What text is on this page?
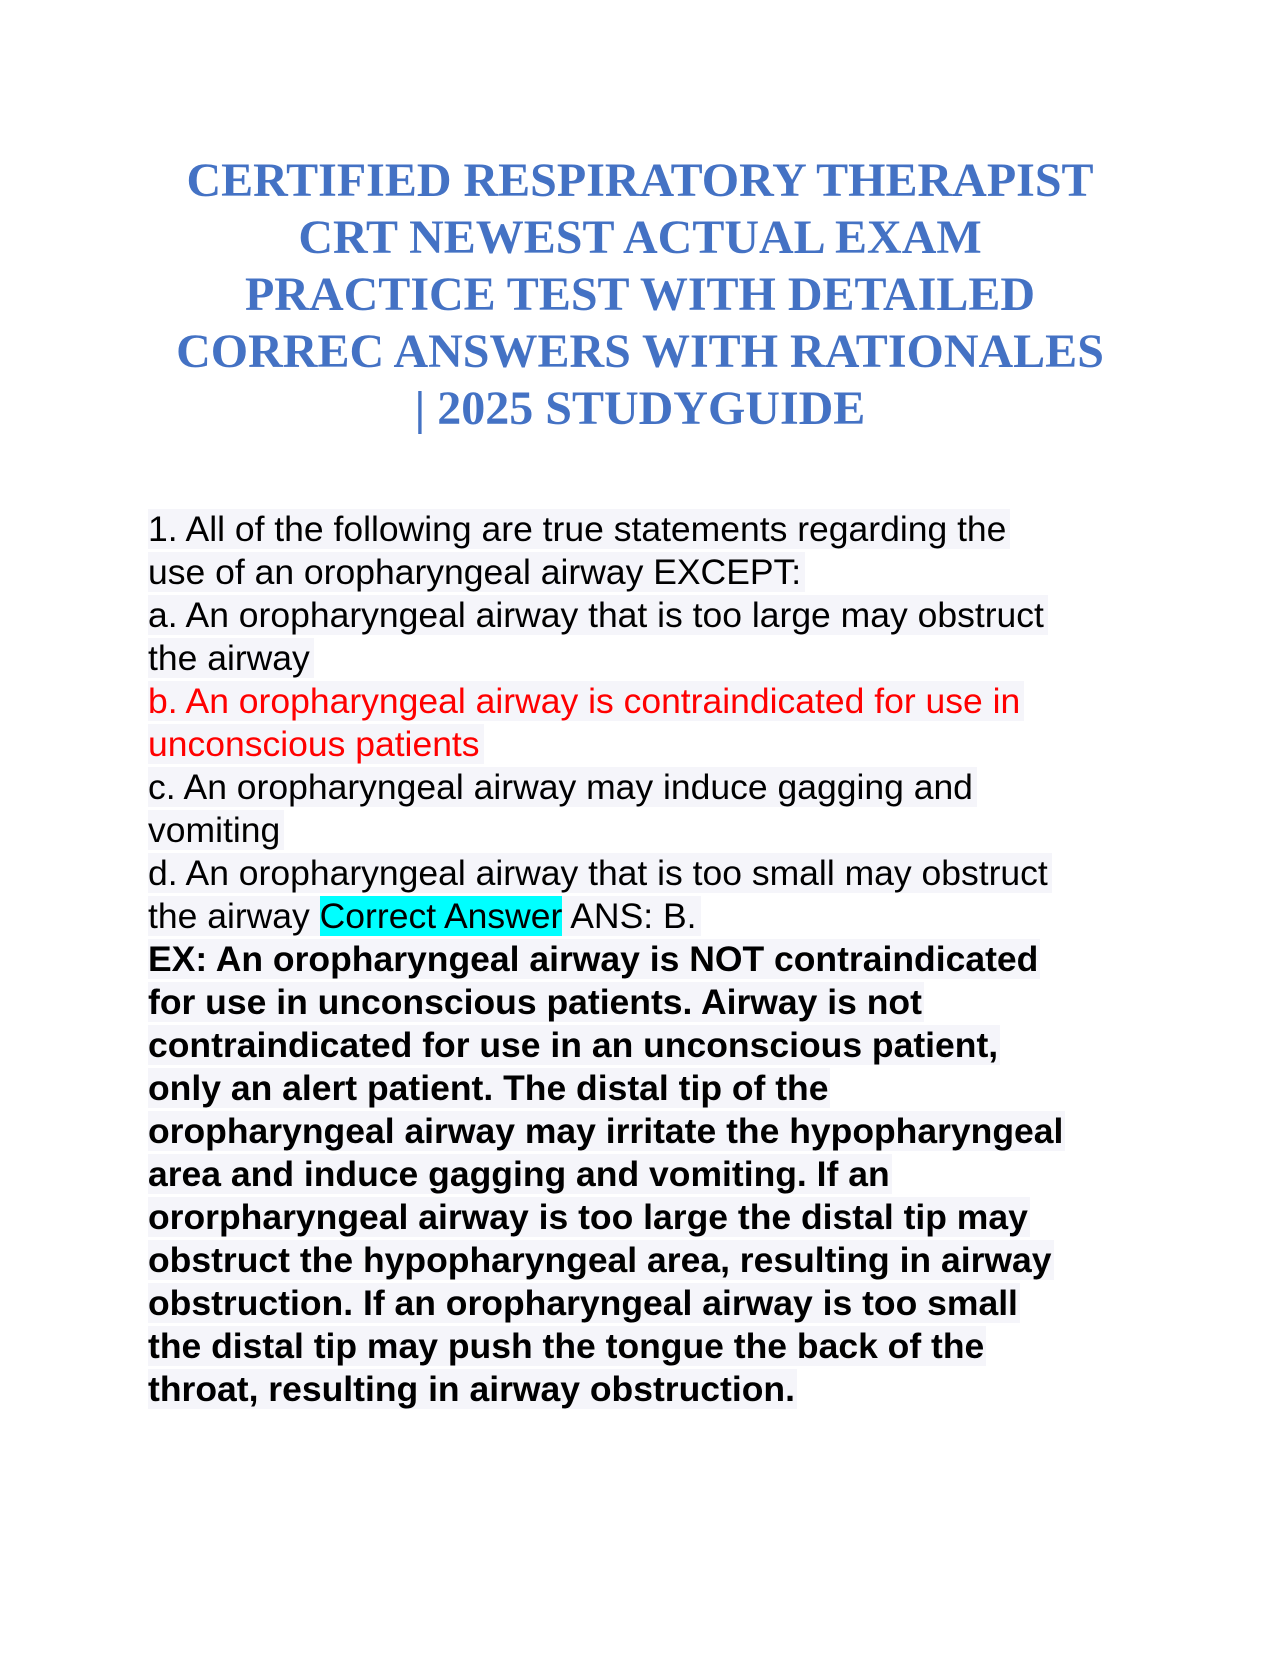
CERTIFIED RESPIRATORY THERAPIST
CRT NEWEST ACTUAL EXAM
PRACTICE TEST WITH DETAILED
CORREC ANSWERS WITH RATIONALES
| 2025 STUDYGUIDE
1. All of the following are true statements regarding the
use of an oropharyngeal airway EXCEPT:
a. An oropharyngeal airway that is too large may obstruct
the airway
b. An oropharyngeal airway is contraindicated for use in
unconscious patients
c. An oropharyngeal airway may induce gagging and
vomiting
d. An oropharyngeal airway that is too small may obstruct
the airway Correct Answer ANS: B.
EX: An oropharyngeal airway is NOT contraindicated
for use in unconscious patients. Airway is not
contraindicated for use in an unconscious patient,
only an alert patient. The distal tip of the
oropharyngeal airway may irritate the hypopharyngeal
area and induce gagging and vomiting. If an
ororpharyngeal airway is too large the distal tip may
obstruct the hypopharyngeal area, resulting in airway
obstruction. If an oropharyngeal airway is too small
the distal tip may push the tongue the back of the
throat, resulting in airway obstruction.
